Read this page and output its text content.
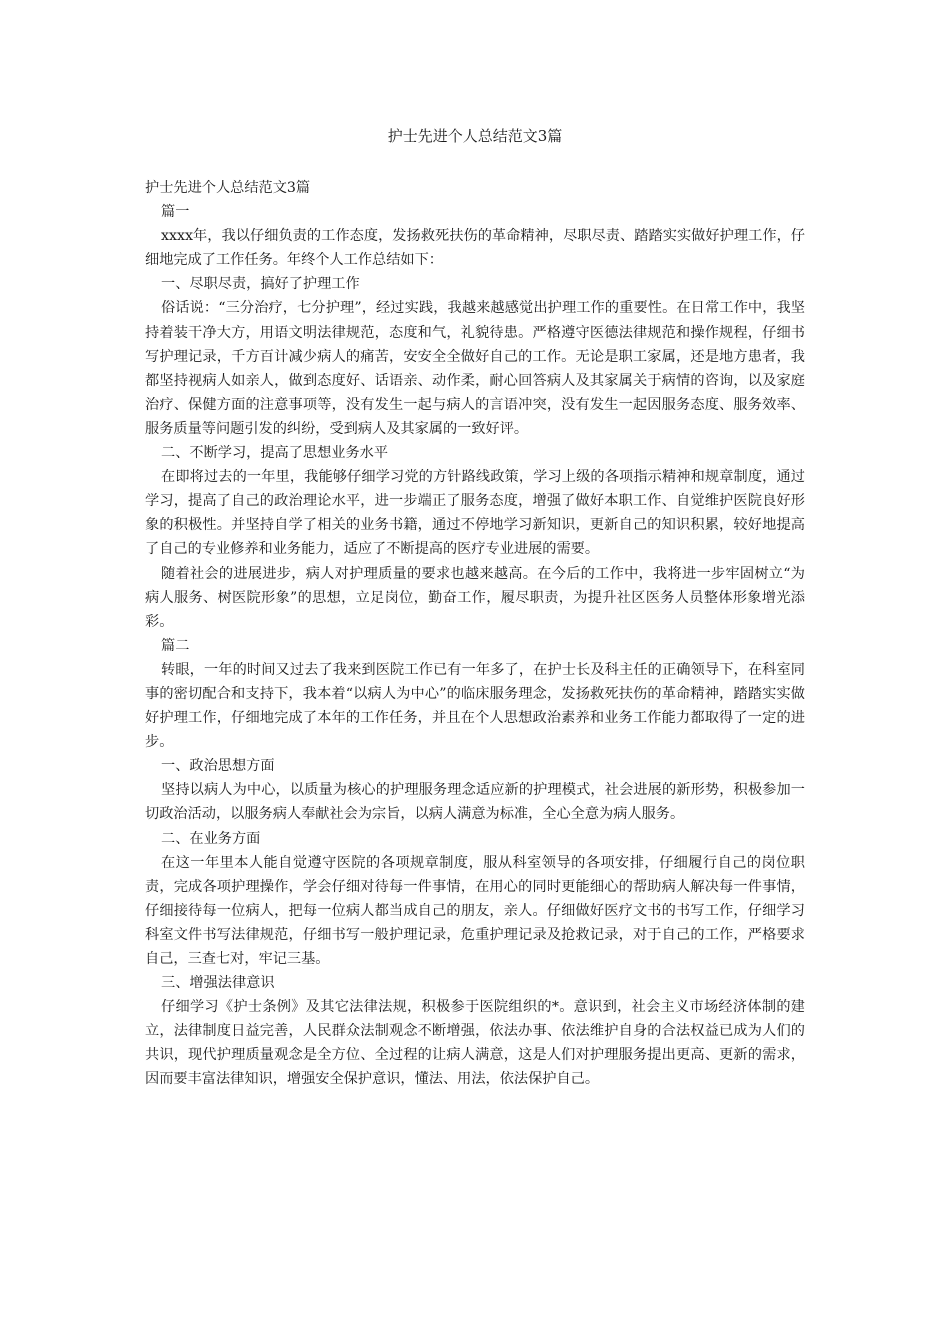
护士先进个人总结范文3篇

护士先进个人总结范文3篇

篇一

xxxx年，我以仔细负责的工作态度，发扬救死扶伤的革命精神，尽职尽责、踏踏实实做好护理工作，仔细地完成了工作任务。年终个人工作总结如下：

一、尽职尽责，搞好了护理工作

俗话说：“三分治疗，七分护理”，经过实践，我越来越感觉出护理工作的重要性。在日常工作中，我坚持着装干净大方，用语文明法律规范，态度和气，礼貌待患。严格遵守医德法律规范和操作规程，仔细书写护理记录，千方百计减少病人的痛苦，安安全全做好自己的工作。无论是职工家属，还是地方患者，我都坚持视病人如亲人，做到态度好、话语亲、动作柔，耐心回答病人及其家属关于病情的咨询，以及家庭治疗、保健方面的注意事项等，没有发生一起与病人的言语冲突，没有发生一起因服务态度、服务效率、服务质量等问题引发的纠纷，受到病人及其家属的一致好评。

二、不断学习，提高了思想业务水平

在即将过去的一年里，我能够仔细学习党的方针路线政策，学习上级的各项指示精神和规章制度，通过学习，提高了自己的政治理论水平，进一步端正了服务态度，增强了做好本职工作、自觉维护医院良好形象的积极性。并坚持自学了相关的业务书籍，通过不停地学习新知识，更新自己的知识积累，较好地提高了自己的专业修养和业务能力，适应了不断提高的医疗专业进展的需要。

随着社会的进展进步，病人对护理质量的要求也越来越高。在今后的工作中，我将进一步牢固树立“为病人服务、树医院形象”的思想，立足岗位，勤奋工作，履尽职责，为提升社区医务人员整体形象增光添彩。

篇二

转眼，一年的时间又过去了我来到医院工作已有一年多了，在护士长及科主任的正确领导下，在科室同事的密切配合和支持下，我本着“以病人为中心”的临床服务理念，发扬救死扶伤的革命精神，踏踏实实做好护理工作，仔细地完成了本年的工作任务，并且在个人思想政治素养和业务工作能力都取得了一定的进步。

一、政治思想方面

坚持以病人为中心，以质量为核心的护理服务理念适应新的护理模式，社会进展的新形势，积极参加一切政治活动，以服务病人奉献社会为宗旨，以病人满意为标准，全心全意为病人服务。

二、在业务方面

在这一年里本人能自觉遵守医院的各项规章制度，服从科室领导的各项安排，仔细履行自己的岗位职责，完成各项护理操作，学会仔细对待每一件事情，在用心的同时更能细心的帮助病人解决每一件事情，仔细接待每一位病人，把每一位病人都当成自己的朋友，亲人。仔细做好医疗文书的书写工作，仔细学习科室文件书写法律规范，仔细书写一般护理记录，危重护理记录及抢救记录，对于自己的工作，严格要求自己，三查七对，牢记三基。

三、增强法律意识

仔细学习《护士条例》及其它法律法规，积极参于医院组织的*。意识到，社会主义市场经济体制的建立，法律制度日益完善，人民群众法制观念不断增强，依法办事、依法维护自身的合法权益已成为人们的共识，现代护理质量观念是全方位、全过程的让病人满意，这是人们对护理服务提出更高、更新的需求，因而要丰富法律知识，增强安全保护意识，懂法、用法，依法保护自己。
